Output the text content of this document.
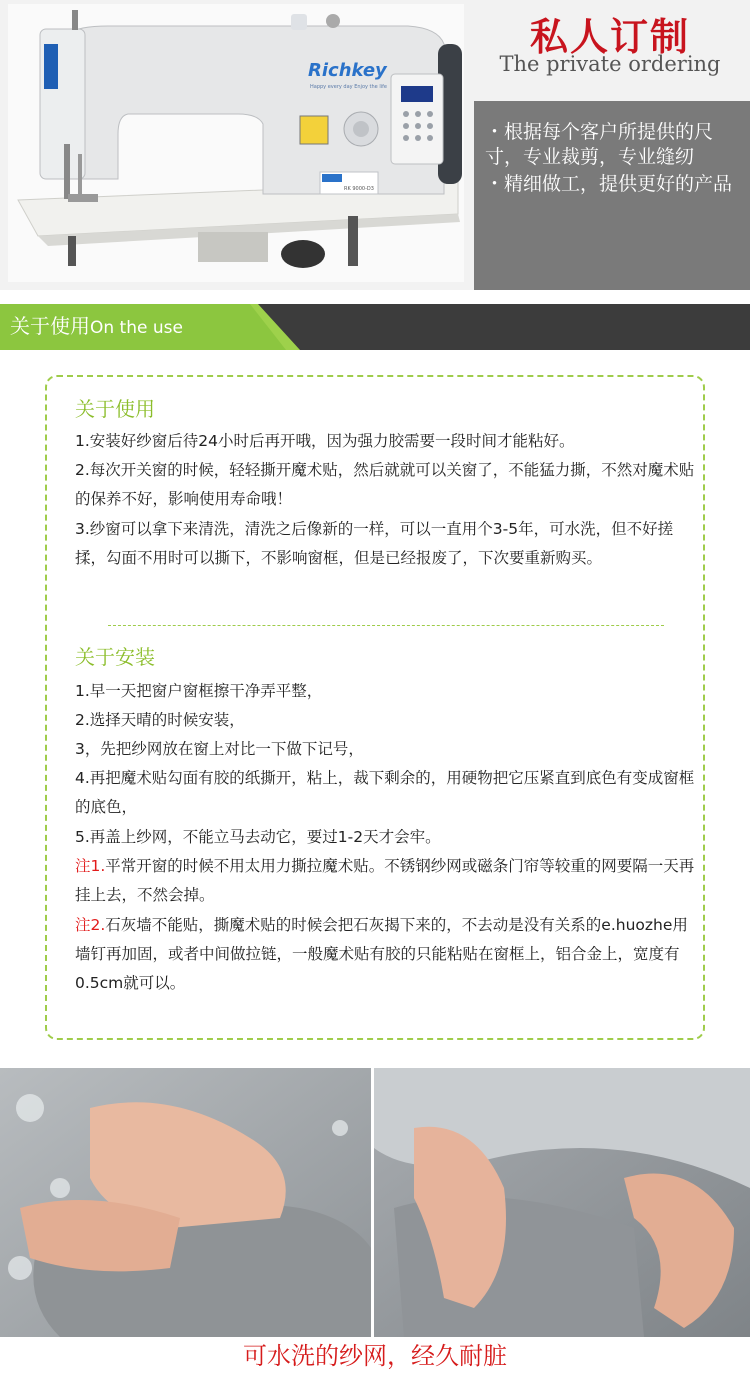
Richkey
Happy every day Enjoy the life
RK 9000-D3
私人订制
The private ordering

・根据每个客户所提供的尺寸，专业裁剪，专业缝纫

・精细做工，提供更好的产品

关于使用On the use
关于使用

1.安装好纱窗后待24小时后再开哦，因为强力胶需要一段时间才能粘好。

2.每次开关窗的时候，轻轻撕开魔术贴，然后就就可以关窗了，不能猛力撕，不然对魔术贴的保养不好，影响使用寿命哦！

3.纱窗可以拿下来清洗，清洗之后像新的一样，可以一直用个3-5年，可水洗，但不好搓揉，勾面不用时可以撕下，不影响窗框，但是已经报废了，下次要重新购买。

关于安装

1.早一天把窗户窗框擦干净弄平整，

2.选择天晴的时候安装，

3，先把纱网放在窗上对比一下做下记号，

4.再把魔术贴勾面有胶的纸撕开，粘上，裁下剩余的，用硬物把它压紧直到底色有变成窗框的底色，

5.再盖上纱网，不能立马去动它，要过1-2天才会牢。

注1.平常开窗的时候不用太用力撕拉魔术贴。不锈钢纱网或磁条门帘等较重的网要隔一天再挂上去，不然会掉。

注2.石灰墙不能贴，撕魔术贴的时候会把石灰揭下来的，不去动是没有关系的e.huozhe用墙钉再加固，或者中间做拉链，一般魔术贴有胶的只能粘贴在窗框上，铝合金上，宽度有0.5cm就可以。

可水洗的纱网，经久耐脏
